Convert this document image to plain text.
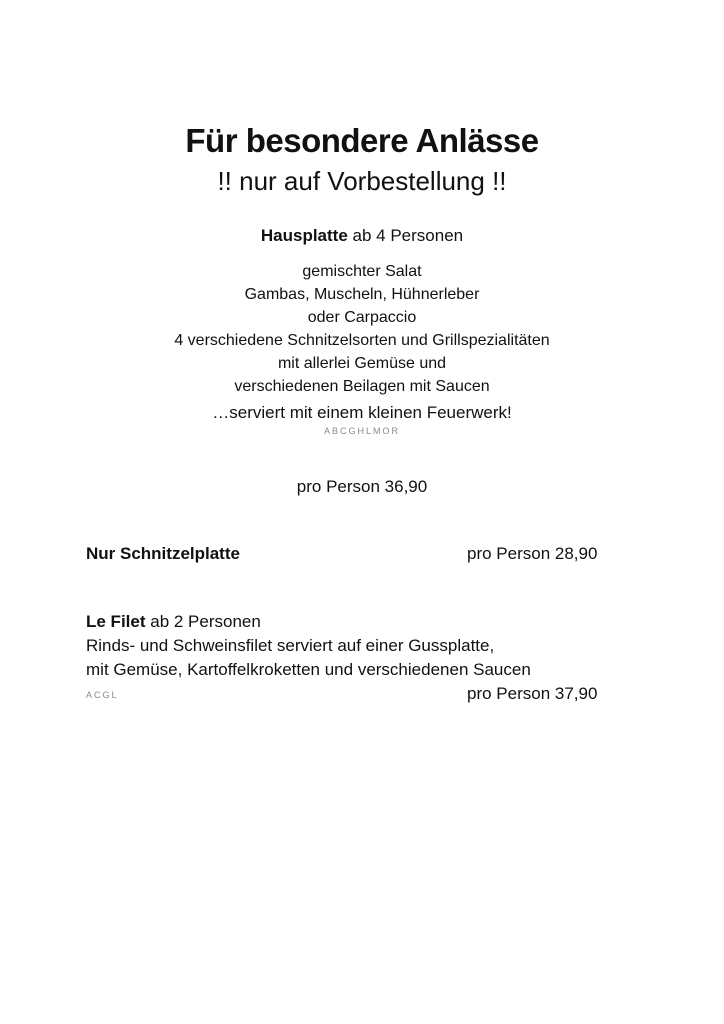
Für besondere Anlässe
!! nur auf Vorbestellung !!
Hausplatte ab 4 Personen
gemischter Salat
Gambas, Muscheln, Hühnerleber
oder Carpaccio
4 verschiedene Schnitzelsorten und Grillspezialitäten
mit allerlei Gemüse und
verschiedenen Beilagen mit Saucen
…serviert mit einem kleinen Feuerwerk!
ABCGHLMOR
pro Person 36,90
Nur Schnitzelplatte	pro Person 28,90
Le Filet ab 2 Personen
Rinds- und Schweinsfilet serviert auf einer Gussplatte,
mit Gemüse, Kartoffelkroketten und verschiedenen Saucen
ACGL	pro Person 37,90
